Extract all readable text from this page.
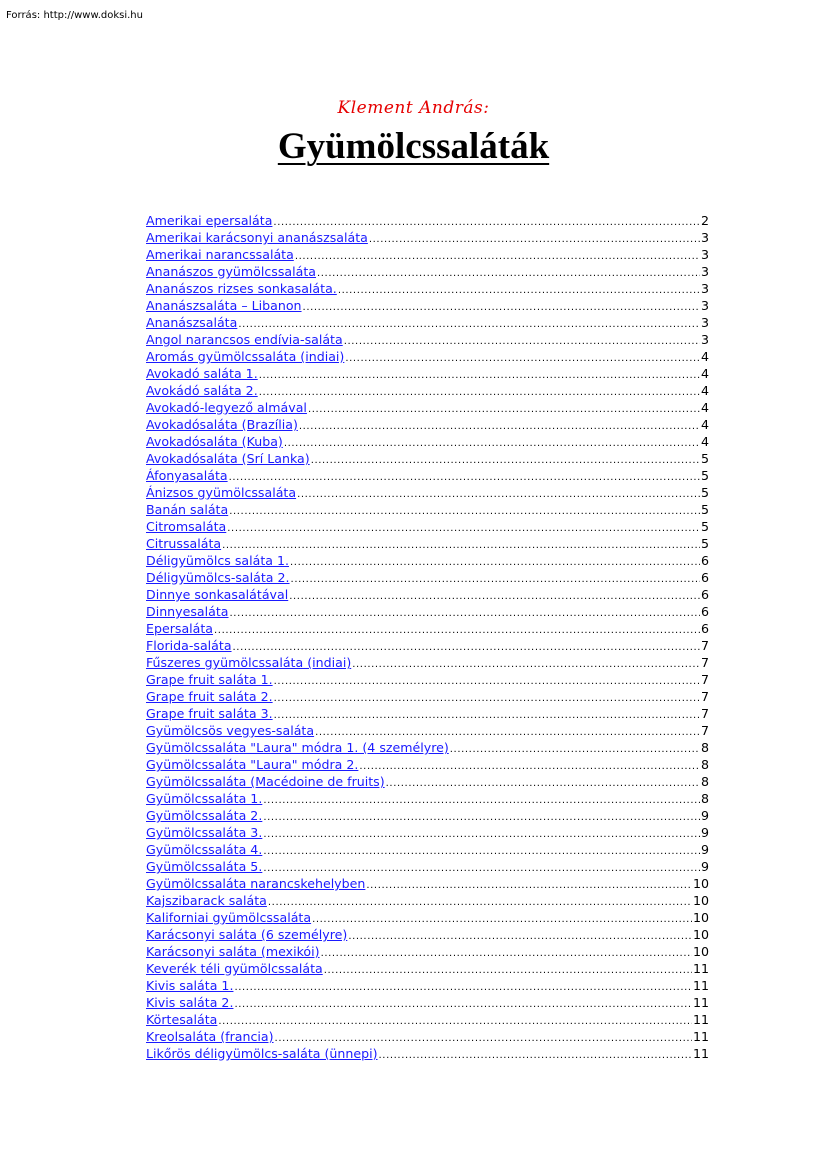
Forrás: http://www.doksi.hu
Klement András:
Gyümölcssaláták
Amerikai epersaláta .....	2
Amerikai karácsonyi ananászsaláta .....	3
Amerikai narancssaláta .....	3
Ananászos gyümölcssaláta .....	3
Ananászos rizses sonkasaláta. .....	3
Ananászsaláta – Libanon .....	3
Ananászsaláta .....	3
Angol narancsos endívia-saláta .....	3
Aromás gyümölcssaláta (indiai) .....	4
Avokadó saláta 1. .....	4
Avokádó saláta 2. .....	4
Avokadó-legyező almával .....	4
Avokadósaláta (Brazília) .....	4
Avokadósaláta (Kuba) .....	4
Avokadósaláta (Srí Lanka) .....	5
Áfonyasaláta .....	5
Ánizsos gyümölcssaláta .....	5
Banán saláta .....	5
Citromsaláta .....	5
Citrussaláta .....	5
Déligyümölcs saláta 1. .....	6
Déligyümölcs-saláta 2. .....	6
Dinnye sonkasalátával .....	6
Dinnyesaláta .....	6
Epersaláta .....	6
Florida-saláta .....	7
Fűszeres gyümölcssaláta (indiai) .....	7
Grape fruit saláta 1. .....	7
Grape fruit saláta 2. .....	7
Grape fruit saláta 3. .....	7
Gyümölcsös vegyes-saláta .....	7
Gyümölcssaláta "Laura" módra 1. (4 személyre) .....	8
Gyümölcssaláta "Laura" módra 2. .....	8
Gyümölcssaláta (Macédoine de fruits) .....	8
Gyümölcssaláta 1. .....	8
Gyümölcssaláta 2. .....	9
Gyümölcssaláta 3. .....	9
Gyümölcssaláta 4. .....	9
Gyümölcssaláta 5. .....	9
Gyümölcssaláta narancskehelyben .....	10
Kajszibarack saláta .....	10
Kaliforniai gyümölcssaláta .....	10
Karácsonyi saláta (6 személyre) .....	10
Karácsonyi saláta (mexikói) .....	10
Keverék téli gyümölcssaláta .....	11
Kivis saláta 1. .....	11
Kivis saláta 2. .....	11
Körtesaláta .....	11
Kreolsaláta (francia) .....	11
Likőrös déligyümölcs-saláta (ünnepi) .....	11
